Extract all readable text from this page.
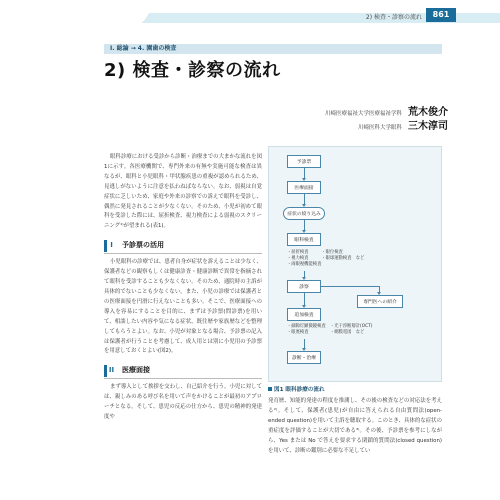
2) 検査・診察の流れ	861
I. 総論 → 4. 園歯の検査
2) 検査・診察の流れ
川崎医療福祉大学医療福祉学科 荒木俊介
川崎医科大学眼科 三木淳司

眼科診療における受診から診断・治療までの大まかな流れを図1に示す。各医療機関で、専門外来の有無や実施可能な検査は異なるが、眼科と小児眼科・甲状腺疾患の重複が認められるため、見逃しがないように注意を払わねばならない。なお、弱視は自覚症状に乏しいため、家庭や外来の診察での訴えで眼科を受診し、偶然に発見されることが少なくない。そのため、小児が初めて眼科を受診した際には、屈折検査、視力検査による弱視のスクリーニング¹⁾が望まれる(表1)。

I	予診票の活用

小児眼科の診療では、患者自身が症状を訴えることは少なく、保護者などの観察もしくは健康診査・健康診断で異常を指摘されて眼科を受診することも少なくない。そのため、通院時の主訴が具体的でないことも少なくない。また、小児の診療では保護者との医療面接を円滑に行えないことも多い。そこで、医療面接への導入を容易にすることを目的に、まずは予診票(問診票)を用いて、相談したい内容や気になる症状、既往歴や家族歴などを整理してもらうとよい。なお、小児が対象となる場合、予診票の記入は保護者が行うことを考慮して、成人用とは別に小児用の予診票を用意しておくとよい(図2)。

II 医療面接

まず導入として挨拶を交わし、自己紹介を行う。小児に対しては、親しみのある呼び名を用いて声をかけることが最初のアプローチとなる。そして、患児の反応の仕方から、患児の精神的発達度や

予診票
医療面接
症状の絞り込み
眼科検査
・屈折検査　　　・眼位検査
・視力検査　　　・眼球運動検査　など
・両眼視機能検査
診察
専門医への紹介
追加検査
・細隙灯顕微鏡検査　・光干渉断層計(OCT)
・眼底検査　　　　　・網膜電図　など
診断・治療
図1 眼科診療の流れ
発育歴、知能的発達の程度を推測し、その後の検査などの対応法を考える²⁾。そして、保護者(患児)が自由に答えられる自由質問法(open-ended question)を用いて主訴を聴取する。このとき、具体的な症状の重症度を評価することが大切である³⁾。その後、予診票を参考にしながら、Yes または No で答えを要求する閉鎖的質問法(closed question)を用いて、診断の鑑別に必要な不足してい
